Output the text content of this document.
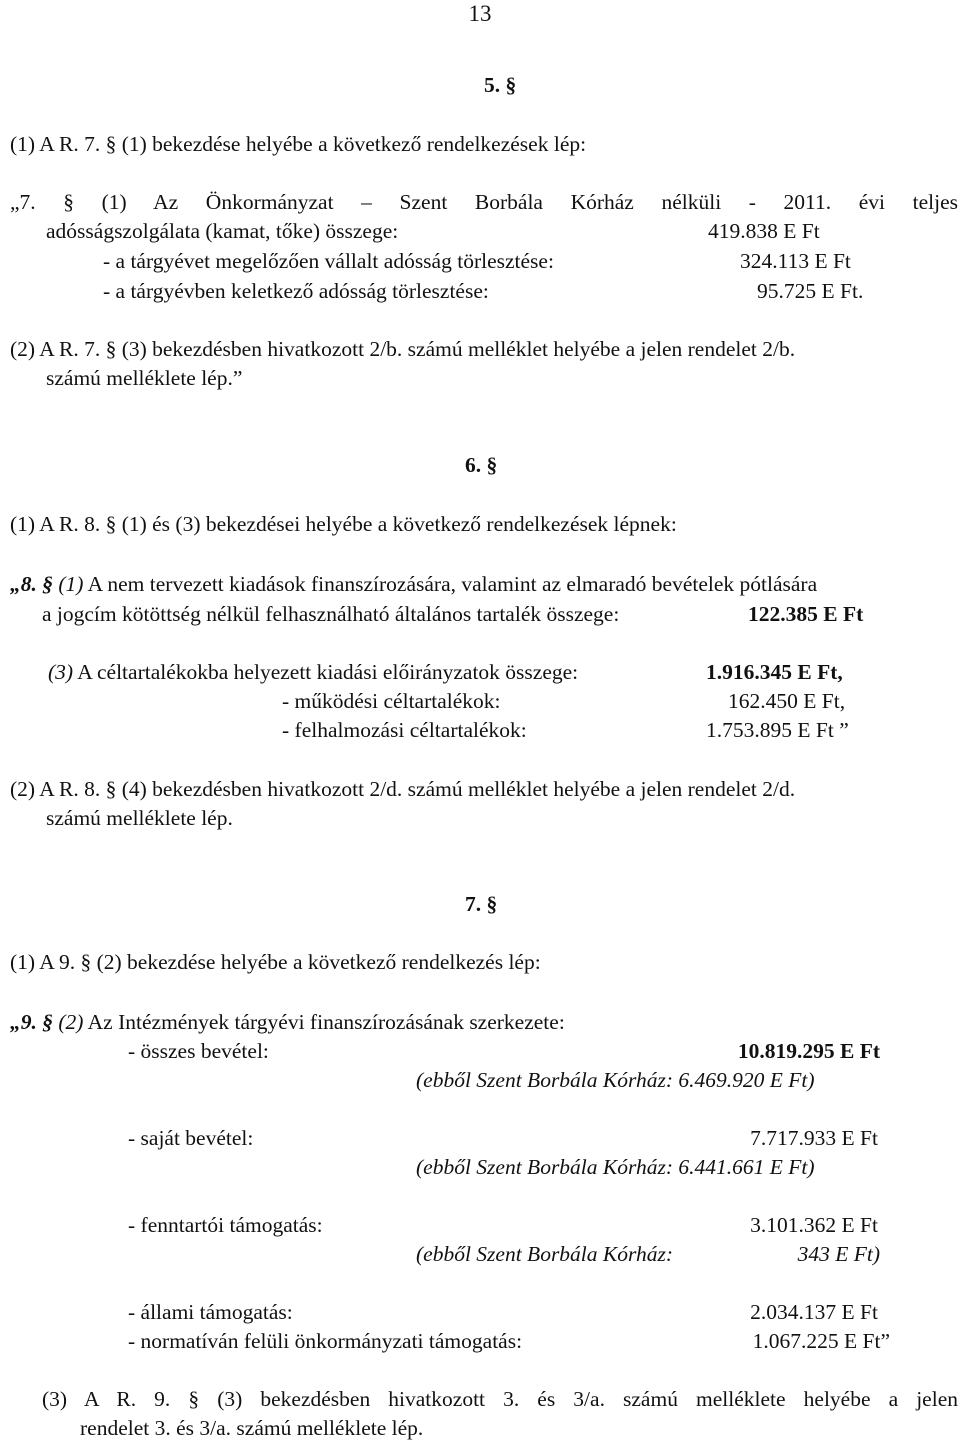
13
5. §
(1) A R. 7. § (1) bekezdése helyébe a következő rendelkezések lép:
„7. § (1) Az Önkormányzat – Szent Borbála Kórház nélküli - 2011. évi teljes
adósságszolgálata (kamat, tőke) összege:	419.838 E Ft
- a tárgyévet megelőzően vállalt adósság törlesztése:	324.113 E Ft
- a tárgyévben keletkező adósság törlesztése:	95.725 E Ft.
(2) A R. 7. § (3) bekezdésben hivatkozott 2/b. számú melléklet helyébe a jelen rendelet 2/b.
számú melléklete lép.”
6. §
(1) A R. 8. § (1) és (3) bekezdései helyébe a következő rendelkezések lépnek:
„8. § (1) A nem tervezett kiadások finanszírozására, valamint az elmaradó bevételek pótlására
a jogcím kötöttség nélkül felhasználható általános tartalék összege:	122.385 E Ft
(3) A céltartalékokba helyezett kiadási előirányzatok összege:	1.916.345 E Ft,
- működési céltartalékok:	162.450 E Ft,
- felhalmozási céltartalékok:	1.753.895 E Ft ”
(2) A R. 8. § (4) bekezdésben hivatkozott 2/d. számú melléklet helyébe a jelen rendelet 2/d.
számú melléklete lép.
7. §
(1) A 9. § (2) bekezdése helyébe a következő rendelkezés lép:
„9. § (2) Az Intézmények tárgyévi finanszírozásának szerkezete:
- összes bevétel:	10.819.295 E Ft
(ebből Szent Borbála Kórház: 6.469.920 E Ft)
- saját bevétel:	7.717.933 E Ft
(ebből Szent Borbála Kórház: 6.441.661 E Ft)
- fenntartói támogatás:	3.101.362 E Ft
(ebből Szent Borbála Kórház:	343 E Ft)
- állami támogatás:	2.034.137 E Ft
- normatíván felüli önkormányzati támogatás:	1.067.225 E Ft”
(3) A R. 9. § (3) bekezdésben hivatkozott 3. és 3/a. számú melléklete helyébe a jelen
rendelet 3. és 3/a. számú melléklete lép.
